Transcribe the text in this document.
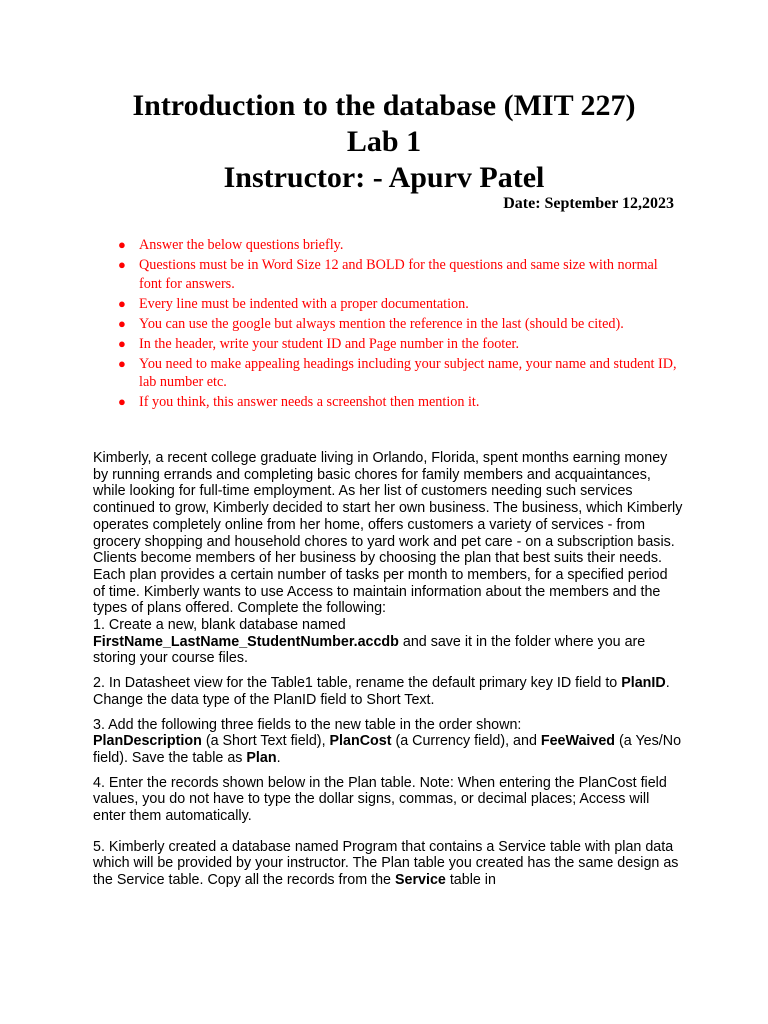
Introduction to the database (MIT 227)
Lab 1
Instructor: - Apurv Patel
Date: September 12,2023
● Answer the below questions briefly.
● Questions must be in Word Size 12 and BOLD for the questions and same size with normal font for answers.
● Every line must be indented with a proper documentation.
● You can use the google but always mention the reference in the last (should be cited).
● In the header, write your student ID and Page number in the footer.
● You need to make appealing headings including your subject name, your name and student ID, lab number etc.
● If you think, this answer needs a screenshot then mention it.

Kimberly, a recent college graduate living in Orlando, Florida, spent months earning money by running errands and completing basic chores for family members and acquaintances, while looking for full-time employment. As her list of customers needing such services continued to grow, Kimberly decided to start her own business. The business, which Kimberly operates completely online from her home, offers customers a variety of services - from grocery shopping and household chores to yard work and pet care - on a subscription basis. Clients become members of her business by choosing the plan that best suits their needs. Each plan provides a certain number of tasks per month to members, for a specified period of time. Kimberly wants to use Access to maintain information about the members and the types of plans offered. Complete the following:

1. Create a new, blank database named
FirstName_LastName_StudentNumber.accdb and save it in the folder where you are storing your course files.

2. In Datasheet view for the Table1 table, rename the default primary key ID field to PlanID. Change the data type of the PlanID field to Short Text.

3. Add the following three fields to the new table in the order shown:
PlanDescription (a Short Text field), PlanCost (a Currency field), and FeeWaived (a Yes/No field). Save the table as Plan.

4. Enter the records shown below in the Plan table. Note: When entering the PlanCost field values, you do not have to type the dollar signs, commas, or decimal places; Access will enter them automatically.

5. Kimberly created a database named Program that contains a Service table with plan data which will be provided by your instructor. The Plan table you created has the same design as the Service table. Copy all the records from the Service table in
